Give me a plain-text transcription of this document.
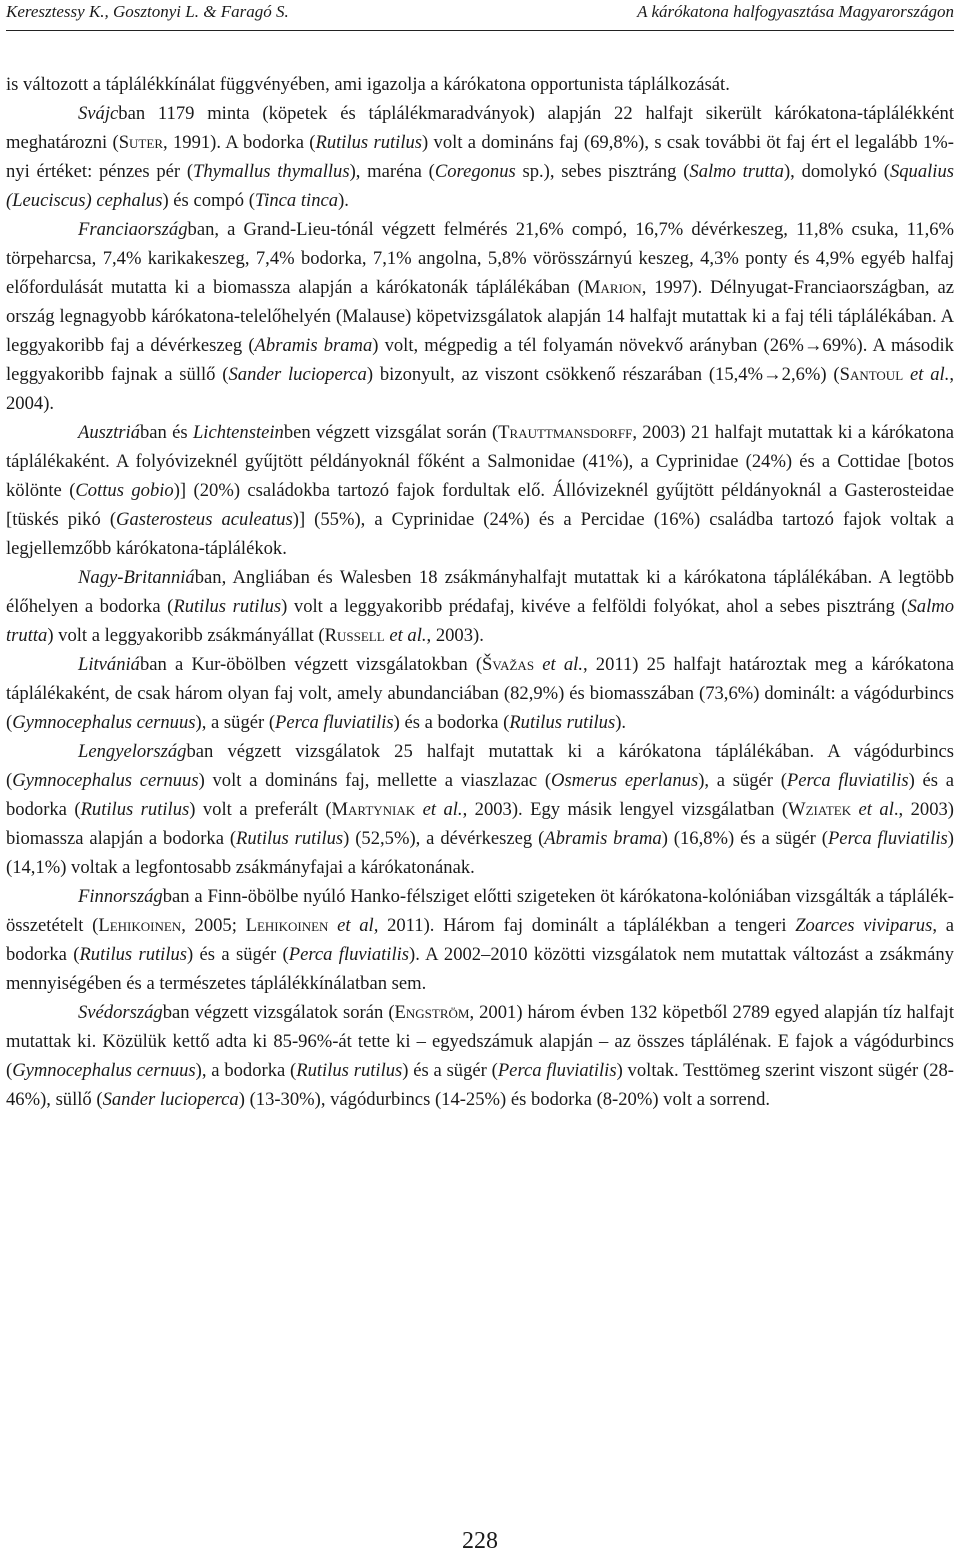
Keresztessy K., Gosztonyi L. & Faragó S.	A kárókatona halfogyasztása Magyarországon

is változott a táplálékkínálat függvényében, ami igazolja a kárókatona opportunista táplálkozását.

Svájcban 1179 minta (köpetek és táplálékmaradványok) alapján 22 halfajt sikerült kárókatona-táplálékként meghatározni (Suter, 1991). A bodorka (Rutilus rutilus) volt a domináns faj (69,8%), s csak további öt faj ért el legalább 1%-nyi értéket: pénzes pér (Thymallus thymallus), maréna (Coregonus sp.), sebes pisztráng (Salmo trutta), domolykó (Squalius (Leuciscus) cephalus) és compó (Tinca tinca).

Franciaországban, a Grand-Lieu-tónál végzett felmérés 21,6% compó, 16,7% dévérkeszeg, 11,8% csuka, 11,6% törpeharcsa, 7,4% karikakeszeg, 7,4% bodorka, 7,1% angolna, 5,8% vörösszárnyú keszeg, 4,3% ponty és 4,9% egyéb halfaj előfordulását mutatta ki a biomassza alapján a kárókatonák táplálékában (Marion, 1997). Délnyugat-Franciaországban, az ország legnagyobb kárókatona-telelőhelyén (Malause) köpetvizsgálatok alapján 14 halfajt mutattak ki a faj téli táplálékában. A leggyakoribb faj a dévérkeszeg (Abramis brama) volt, mégpedig a tél folyamán növekvő arányban (26%→69%). A második leggyakoribb fajnak a süllő (Sander lucioperca) bizonyult, az viszont csökkenő részarában (15,4%→2,6%) (Santoul et al., 2004).

Ausztriában és Lichtensteinben végzett vizsgálat során (Trauttmansdorff, 2003) 21 halfajt mutattak ki a kárókatona táplálékaként. A folyóvizeknél gyűjtött példányoknál főként a Salmonidae (41%), a Cyprinidae (24%) és a Cottidae [botos kölönte (Cottus gobio)] (20%) családokba tartozó fajok fordultak elő. Állóvizeknél gyűjtött példányoknál a Gasterosteidae [tüskés pikó (Gasterosteus aculeatus)] (55%), a Cyprinidae (24%) és a Percidae (16%) családba tartozó fajok voltak a legjellemzőbb kárókatona-táplálékok.

Nagy-Britanniában, Angliában és Walesben 18 zsákmányhalfajt mutattak ki a kárókatona táplálékában. A legtöbb élőhelyen a bodorka (Rutilus rutilus) volt a leggyakoribb prédafaj, kivéve a felföldi folyókat, ahol a sebes pisztráng (Salmo trutta) volt a leggyakoribb zsákmányállat (Russell et al., 2003).

Litvániában a Kur-öbölben végzett vizsgálatokban (Švažas et al., 2011) 25 halfajt határoztak meg a kárókatona táplálékaként, de csak három olyan faj volt, amely abundanciában (82,9%) és biomasszában (73,6%) dominált: a vágódurbincs (Gymnocephalus cernuus), a sügér (Perca fluviatilis) és a bodorka (Rutilus rutilus).

Lengyelországban végzett vizsgálatok 25 halfajt mutattak ki a kárókatona táplálékában. A vágódurbincs (Gymnocephalus cernuus) volt a domináns faj, mellette a viaszlazac (Osmerus eperlanus), a sügér (Perca fluviatilis) és a bodorka (Rutilus rutilus) volt a preferált (Martyniak et al., 2003). Egy másik lengyel vizsgálatban (Wziatek et al., 2003) biomassza alapján a bodorka (Rutilus rutilus) (52,5%), a dévérkeszeg (Abramis brama) (16,8%) és a sügér (Perca fluviatilis) (14,1%) voltak a legfontosabb zsákmányfajai a kárókatonának.

Finnországban a Finn-öbölbe nyúló Hanko-félsziget előtti szigeteken öt kárókatona-kolóniában vizsgálták a táplálék-összetételt (Lehikoinen, 2005; Lehikoinen et al, 2011). Három faj dominált a táplálékban a tengeri Zoarces viviparus, a bodorka (Rutilus rutilus) és a sügér (Perca fluviatilis). A 2002–2010 közötti vizsgálatok nem mutattak változást a zsákmány mennyiségében és a természetes táplálékkínálatban sem.

Svédországban végzett vizsgálatok során (Engström, 2001) három évben 132 köpetből 2789 egyed alapján tíz halfajt mutattak ki. Közülük kettő adta ki 85-96%-át tette ki – egyedszámuk alapján – az összes táplálénak. E fajok a vágódurbincs (Gymnocephalus cernuus), a bodorka (Rutilus rutilus) és a sügér (Perca fluviatilis) voltak. Testtömeg szerint viszont sügér (28-46%), süllő (Sander lucioperca) (13-30%), vágódurbincs (14-25%) és bodorka (8-20%) volt a sorrend.

228
